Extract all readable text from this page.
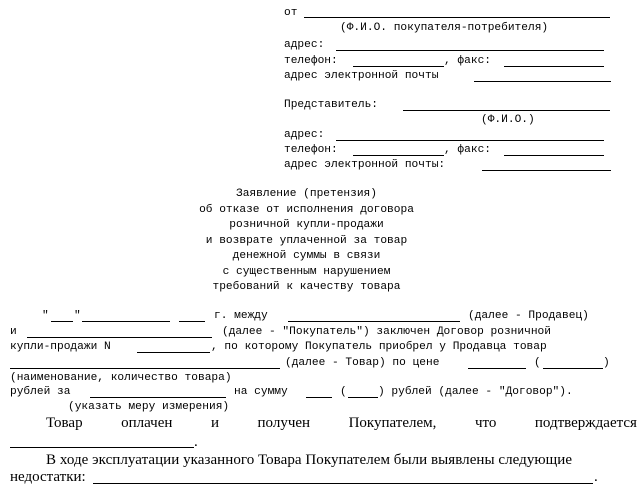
от
(Ф.И.О. покупателя-потребителя)
адрес:
телефон:	, факс:
адрес электронной почты
Представитель:
(Ф.И.О.)
адрес:
телефон:	, факс:
адрес электронной почты:
Заявление (претензия)
об отказе от исполнения договора
розничной купли-продажи
и возврате уплаченной за товар
денежной суммы в связи
с существенным нарушением
требований к качеству товара
" "	г. между	(далее - Продавец)
и	(далее - "Покупатель") заключен Договор розничной
купли-продажи N	, по которому Покупатель приобрел у Продавца товар
(далее - Товар) по цене	(	)
(наименование, количество товара)
рублей за	на сумму	(	) рублей (далее - "Договор").
(указать меру измерения)
Товар	оплачен	и	получен	Покупателем,	что	подтверждается
.
В ходе эксплуатации указанного Товара Покупателем были выявлены следующие
недостатки:	.
